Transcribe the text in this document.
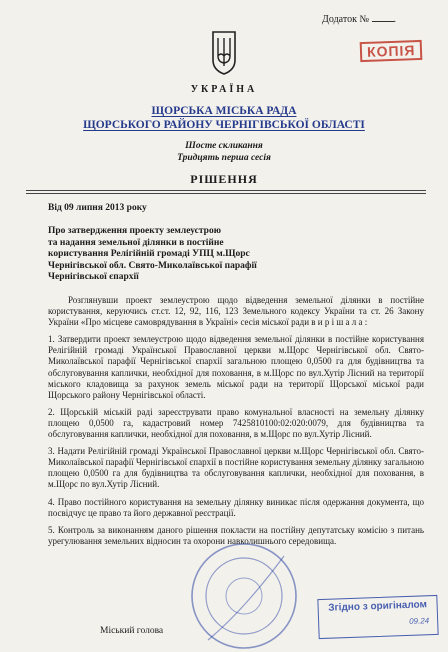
Додаток № .
КОПІЯ
УКРАЇНА
ЩОРСЬКА МІСЬКА РАДА
ЩОРСЬКОГО РАЙОНУ ЧЕРНІГІВСЬКОЇ ОБЛАСТІ
Шосте скликання
Тридцять перша сесія
РІШЕННЯ
Від 09 липня 2013 року
Про затвердження проекту землеустрою
та надання земельної ділянки в постійне
користування Релігійній громаді УПЦ м.Щорс
Чернігівської обл. Свято-Миколаївської парафії
Чернігівської єпархії

Розглянувши проект землеустрою щодо відведення земельної ділянки в постійне користування, керуючись ст.ст. 12, 92, 116, 123 Земельного кодексу України та ст. 26 Закону України «Про місцеве самоврядування в Україні» сесія міської ради в и р і ш а л а :

1. Затвердити проект землеустрою щодо відведення земельної ділянки в постійне користування Релігійній громаді Української Православної церкви м.Щорс Чернігівської обл. Свято-Миколаївської парафії Чернігівської єпархії загальною площею 0,0500 га для будівництва та обслуговування каплички, необхідної для поховання, в м.Щорс по вул.Хутір Лісний на території міського кладовища за рахунок земель міської ради на території Щорської міської ради Щорського району Чернігівської області.

2. Щорській міській раді зареєструвати право комунальної власності на земельну ділянку площею 0,0500 га, кадастровий номер 7425810100:02:020:0079, для будівництва та обслуговування каплички, необхідної для поховання, в м.Щорс по вул.Хутір Лісний.

3. Надати Релігійній громаді Української Православної церкви м.Щорс Чернігівської обл. Свято-Миколаївської парафії Чернігівської єпархії в постійне користування земельну ділянку загальною площею 0,0500 га для будівництва та обслуговування каплички, необхідної для поховання, в м.Щорс по вул.Хутір Лісний.

4. Право постійного користування на земельну ділянку виникає після одержання документа, що посвідчує це право та його державної реєстрації.

5. Контроль за виконанням даного рішення покласти на постійну депутатську комісію з питань урегулювання земельних відносин та охорони навколишнього середовища.

Міський голова
Згідно з оригіналом
09.24
